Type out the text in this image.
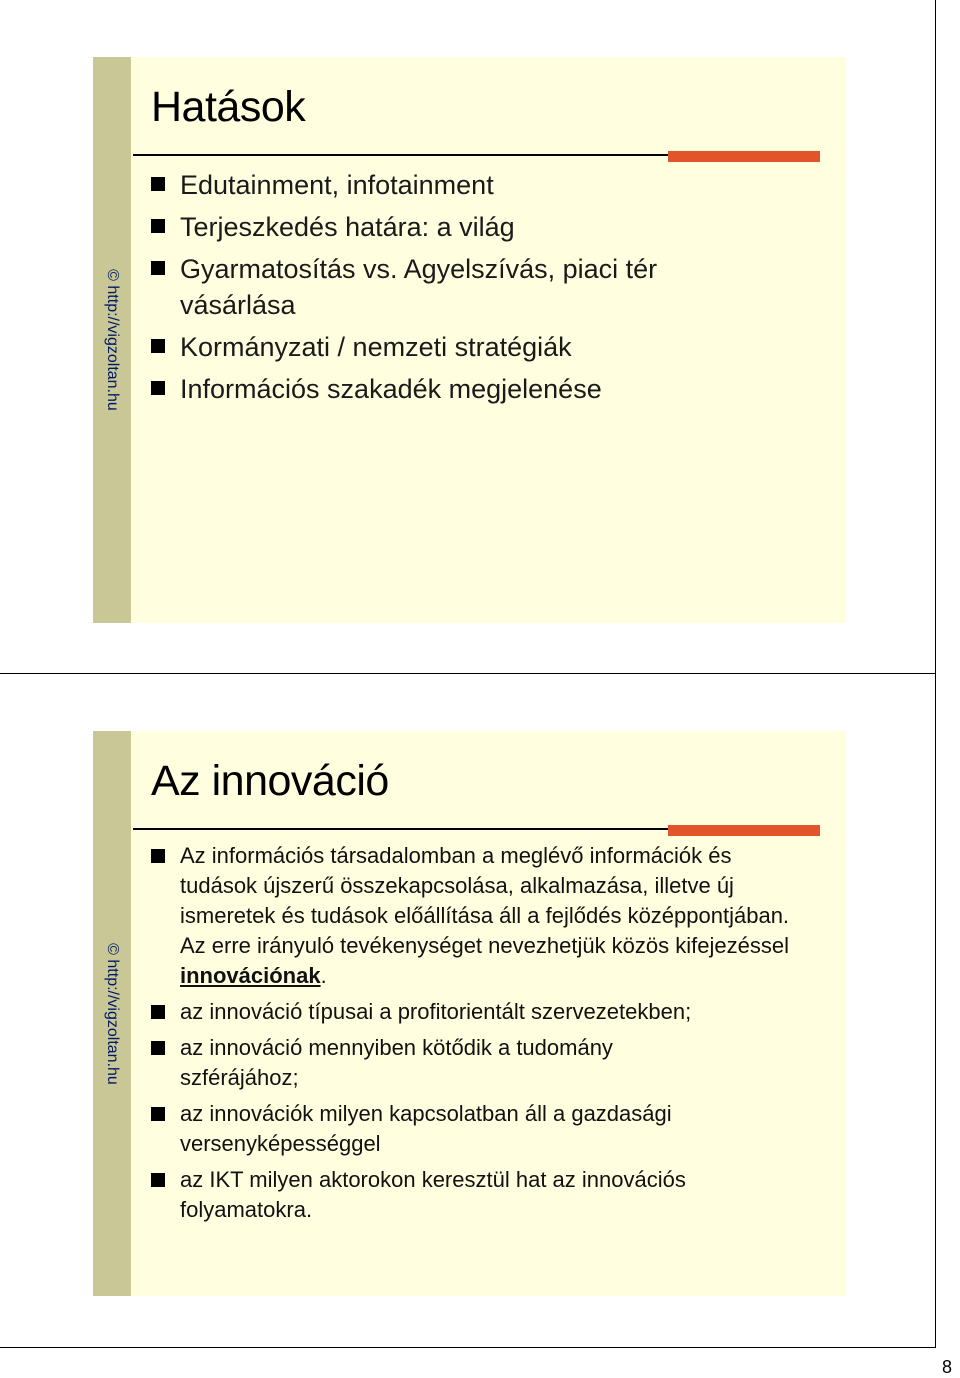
© http://vigzoltan.hu
Hatások
Edutainment, infotainment
Terjeszkedés határa: a világ
Gyarmatosítás vs. Agyelszívás, piaci tér vásárlása
Kormányzati / nemzeti stratégiák
Információs szakadék megjelenése
© http://vigzoltan.hu
Az innováció
Az információs társadalomban a meglévő információk és tudások újszerű összekapcsolása, alkalmazása, illetve új ismeretek és tudások előállítása áll a fejlődés középpontjában. Az erre irányuló tevékenységet nevezhetjük közös kifejezéssel innovációnak.
az innováció típusai a profitorientált szervezetekben;
az innováció mennyiben kötődik a tudomány szférájához;
az innovációk milyen kapcsolatban áll a gazdasági versenyképességgel
az IKT milyen aktorokon keresztül hat az innovációs folyamatokra.
8
